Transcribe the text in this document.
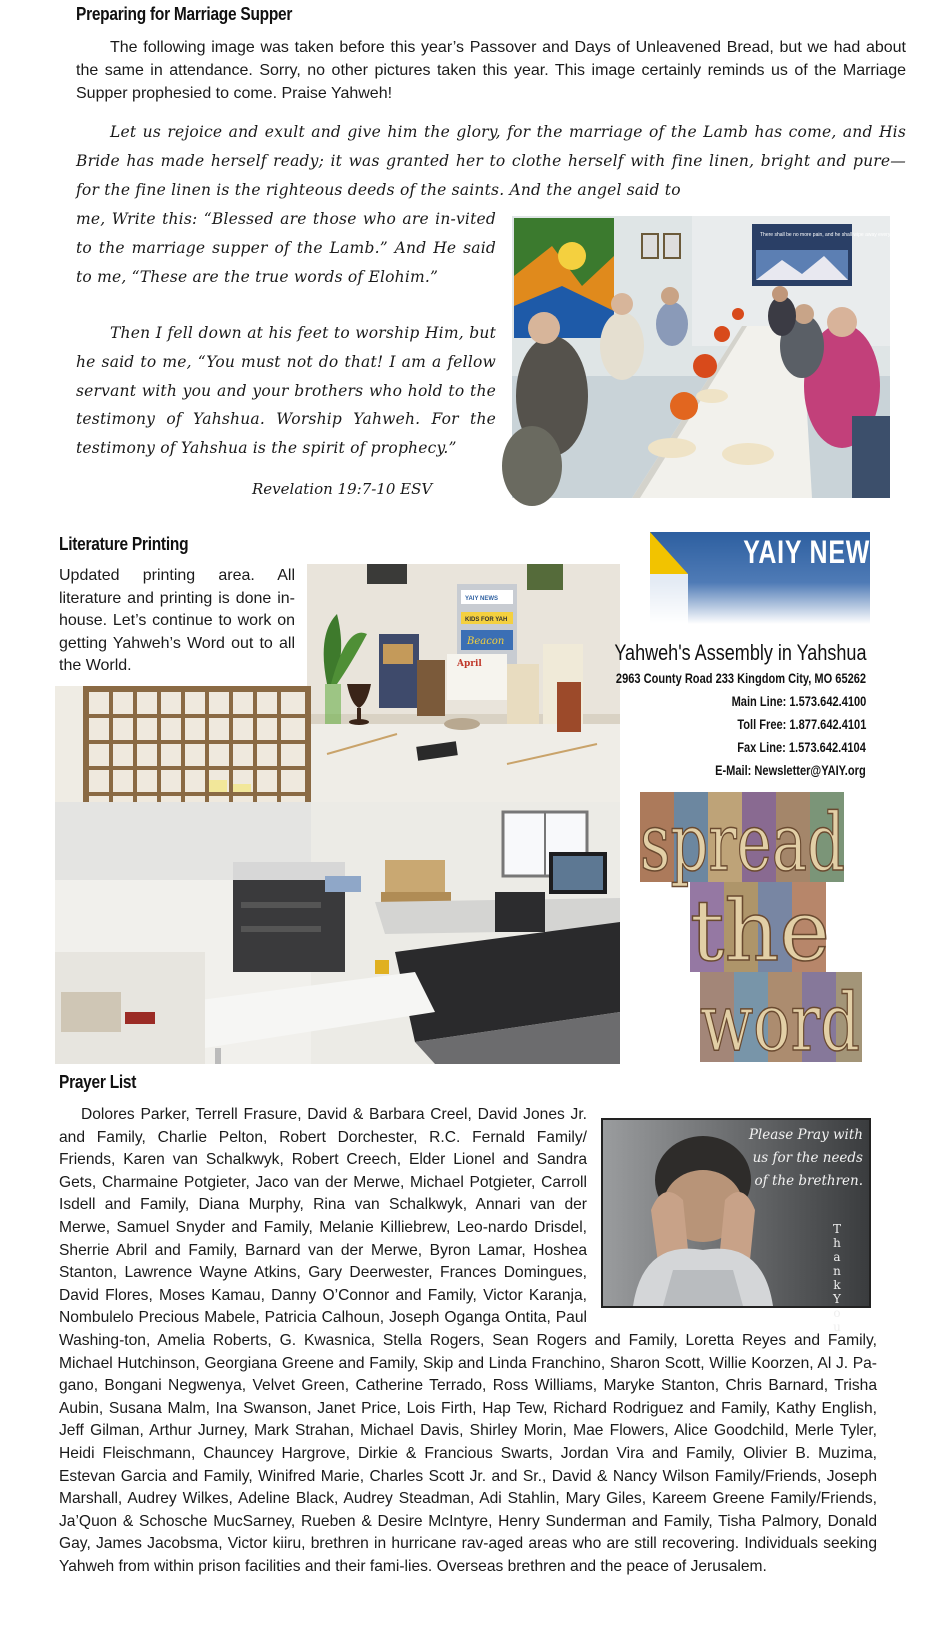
Preparing for Marriage Supper
The following image was taken before this year’s Passover and Days of Unleavened Bread, but we had about the same in attendance. Sorry, no other pictures taken this year. This image certainly reminds us of the Marriage Supper prophesied to come. Praise Yahweh!
Let us rejoice and exult and give him the glory, for the marriage of the Lamb has come, and His Bride has made herself ready; it was granted her to clothe herself with fine linen, bright and pure— for the fine linen is the righteous deeds of the saints. And the angel said to
me, Write this: “Blessed are those who are in-vited to the marriage supper of the Lamb.” And He said to me, “These are the true words of Elohim.”
Then I fell down at his feet to worship Him, but he said to me, “You must not do that! I am a fellow servant with you and your brothers who hold to the testimony of Yahshua. Worship Yahweh. For the testimony of Yahshua is the spirit of prophecy.”
Revelation 19:7-10 ESV
There shall be no more pain, and he shall wipe away every tear
Literature Printing
Updated printing area. All literature and printing is done in-house. Let’s continue to work on getting Yahweh’s Word out to all the World.
YAIY NEWS
KIDS FOR YAH
Beacon
April
YAIY NEWS
Yahweh's Assembly in Yahshua
2963 County Road 233 Kingdom City, MO 65262
Main Line: 1.573.642.4100
Toll Free: 1.877.642.4101
Fax Line: 1.573.642.4104
E-Mail: Newsletter@YAIY.org
spread
the
word
Prayer List
Please Pray with us for the needs of the brethren.
Thank You
Dolores Parker, Terrell Frasure, David & Barbara Creel, David Jones Jr. and Family, Charlie Pelton, Robert Dorchester, R.C. Fernald Family/ Friends, Karen van Schalkwyk, Robert Creech, Elder Lionel and Sandra Gets, Charmaine Potgieter, Jaco van der Merwe, Michael Potgieter, Carroll Isdell and Family, Diana Murphy, Rina van Schalkwyk, Annari van der Merwe, Samuel Snyder and Family, Melanie Killiebrew, Leo-nardo Drisdel, Sherrie Abril and Family, Barnard van der Merwe, Byron Lamar, Hoshea Stanton, Lawrence Wayne Atkins, Gary Deerwester, Frances Domingues, David Flores, Moses Kamau, Danny O’Connor and Family, Victor Karanja, Nombulelo Precious Mabele, Patricia Calhoun, Joseph Oganga Ontita, Paul Washing-ton, Amelia Roberts, G. Kwasnica, Stella Rogers, Sean Rogers and Family, Loretta Reyes and Family, Michael Hutchinson, Georgiana Greene and Family, Skip and Linda Franchino, Sharon Scott, Willie Koorzen, Al J. Pa-gano, Bongani Negwenya, Velvet Green, Catherine Terrado, Ross Williams, Maryke Stanton, Chris Barnard, Trisha Aubin, Susana Malm, Ina Swanson, Janet Price, Lois Firth, Hap Tew, Richard Rodriguez and Family, Kathy English, Jeff Gilman, Arthur Jurney, Mark Strahan, Michael Davis, Shirley Morin, Mae Flowers, Alice Goodchild, Merle Tyler, Heidi Fleischmann, Chauncey Hargrove, Dirkie & Francious Swarts, Jordan Vira and Family, Olivier B. Muzima, Estevan Garcia and Family, Winifred Marie, Charles Scott Jr. and Sr., David & Nancy Wilson Family/Friends, Joseph Marshall, Audrey Wilkes, Adeline Black, Audrey Steadman, Adi Stahlin, Mary Giles, Kareem Greene Family/Friends, Ja’Quon & Schosche MucSarney, Rueben & Desire McIntyre, Henry Sunderman and Family, Tisha Palmory, Donald Gay, James Jacobsma, Victor kiiru, brethren in hurricane rav-aged areas who are still recovering. Individuals seeking Yahweh from within prison facilities and their fami-lies. Overseas brethren and the peace of Jerusalem.
